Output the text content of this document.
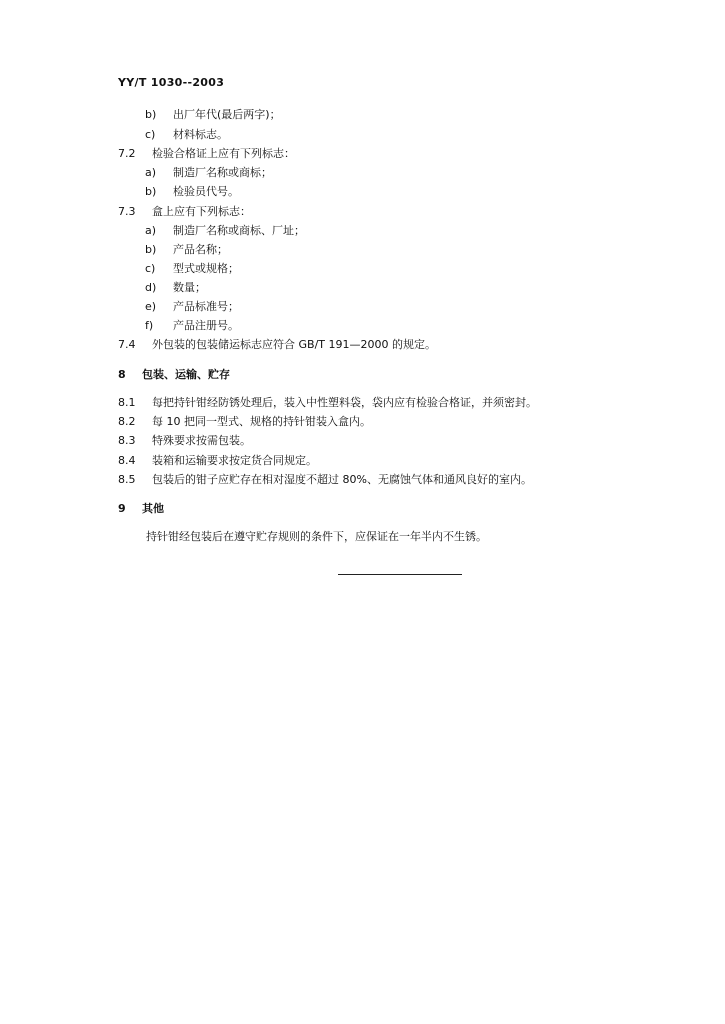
YY/T 1030--2003
b) 出厂年代(最后两字)；
c) 材料标志。
7.2 检验合格证上应有下列标志：
a) 制造厂名称或商标；
b) 检验员代号。
7.3 盒上应有下列标志：
a) 制造厂名称或商标、厂址；
b) 产品名称；
c) 型式或规格；
d) 数量；
e) 产品标准号；
f) 产品注册号。
7.4 外包装的包装储运标志应符合 GB/T 191—2000 的规定。
8 包装、运输、贮存
8.1 每把持针钳经防锈处理后，装入中性塑料袋，袋内应有检验合格证，并须密封。
8.2 每 10 把同一型式、规格的持针钳装入盒内。
8.3 特殊要求按需包装。
8.4 装箱和运输要求按定货合同规定。
8.5 包装后的钳子应贮存在相对湿度不超过 80%、无腐蚀气体和通风良好的室内。
9 其他
持针钳经包装后在遵守贮存规则的条件下，应保证在一年半内不生锈。
